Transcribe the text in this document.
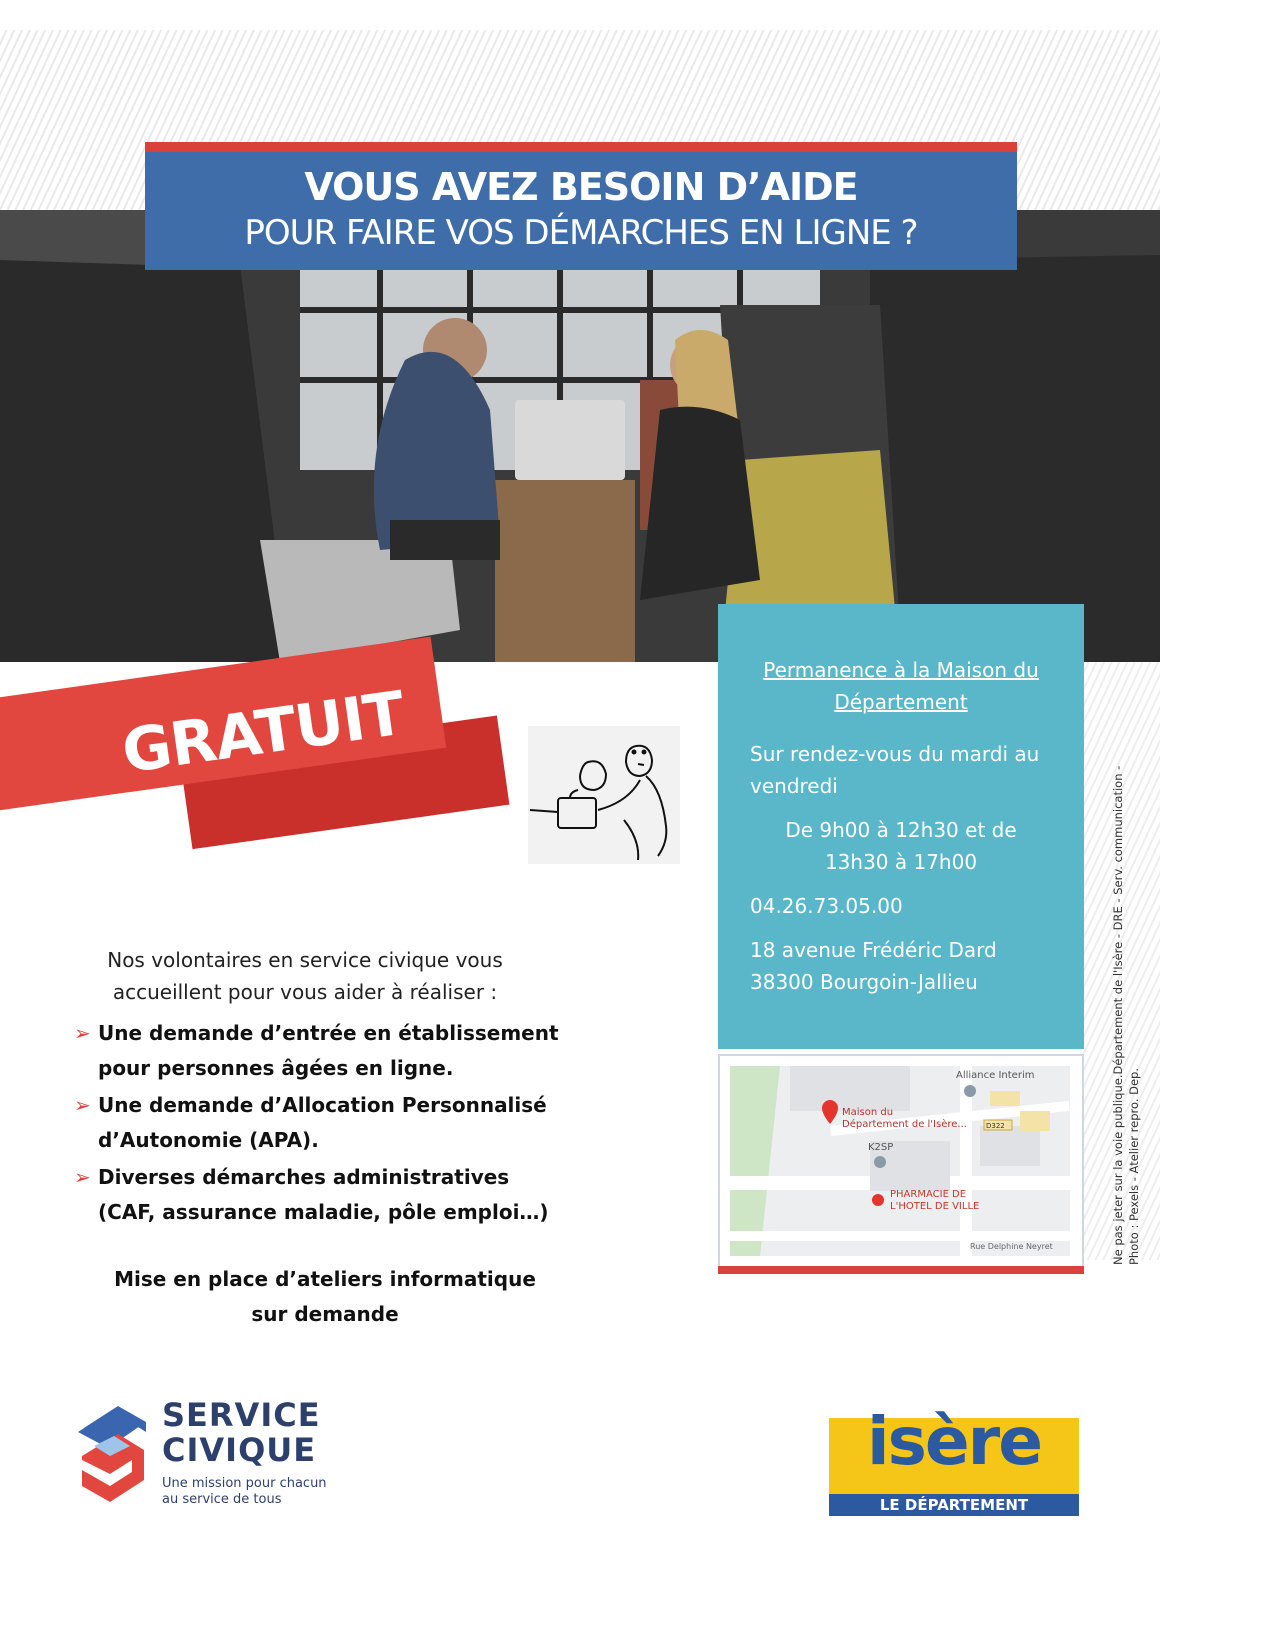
VOUS AVEZ BESOIN D’AIDE
POUR FAIRE VOS DÉMARCHES EN LIGNE ?
Permanence à la Maison du Département
Sur rendez-vous du mardi au vendredi
De 9h00 à 12h30 et de
13h30 à 17h00
04.26.73.05.00
18 avenue Frédéric Dard
38300 Bourgoin-Jallieu
Alliance Interim
Maison du
Département de l'Isère...	D322
K2SP
PHARMACIE DE
L'HOTEL DE VILLE
Rue Delphine Neyret	Ne pas jeter sur la voie publique.Département de l'Isère - DRE - Serv. communication - Photo : Pexels - Atelier repro. Dep.
GRATUIT
Nos volontaires en service civique vous accueillent pour vous aider à réaliser :
➢ Une demande d’entrée en établissement pour personnes âgées en ligne.
➢ Une demande d’Allocation Personnalisé d’Autonomie (APA).
➢ Diverses démarches administratives (CAF, assurance maladie, pôle emploi…)
Mise en place d’ateliers informatique sur demande
SERVICE
CIVIQUE
Une mission pour chacun
au service de tous
isère
LE DÉPARTEMENT
